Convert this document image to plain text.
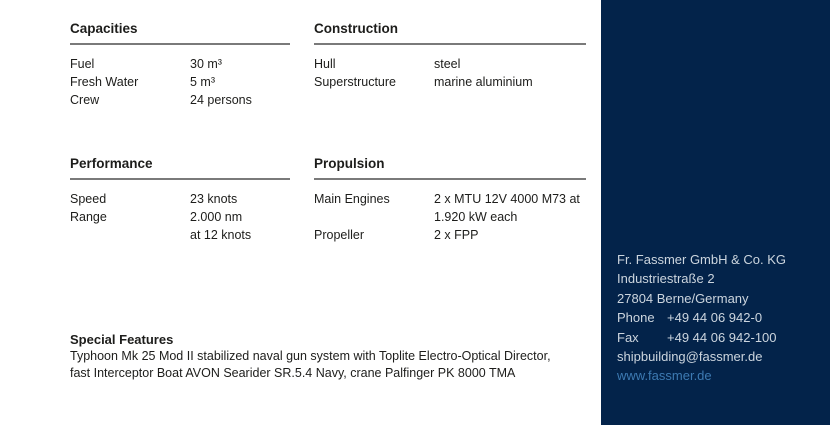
Capacities
Fuel	30 m³
Fresh Water	5 m³
Crew	24 persons
Construction
Hull	steel
Superstructure	marine aluminium
Performance
Speed	23 knots
Range	2.000 nm
at 12 knots
Propulsion
Main Engines	2 x MTU 12V 4000 M73 at
1.920 kW each
Propeller	2 x FPP
Special Features
Typhoon Mk 25 Mod II stabilized naval gun system with Toplite Electro-Optical Director,
fast Interceptor Boat AVON Searider SR.5.4 Navy, crane Palfinger PK 8000 TMA
Fr. Fassmer GmbH & Co. KG
Industriestraße 2
27804 Berne/Germany
Phone +49 44 06 942-0
Fax	+49 44 06 942-100
shipbuilding@fassmer.de
www.fassmer.de
